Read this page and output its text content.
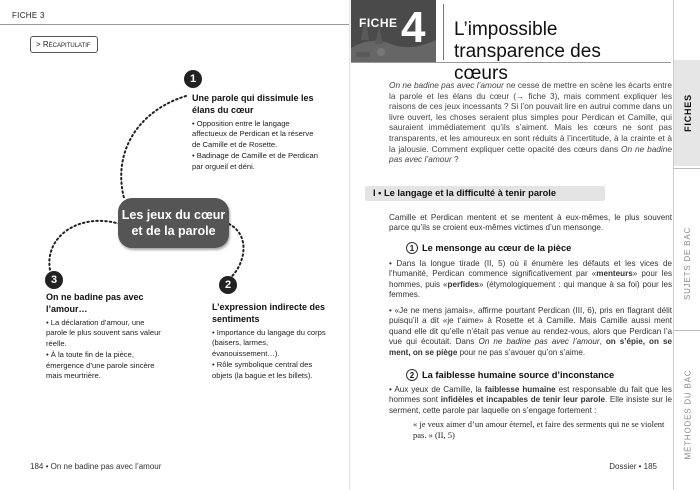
FICHE 3
> Récapitulatif
1
Une parole qui dissimule les élans du cœur

• Opposition entre le langage affectueux de Perdican et la réserve de Camille et de Rosette.

• Badinage de Camille et de Perdican par orgueil et déni.

Les jeux du cœur et de la parole
2
L’expression indirecte des sentiments

• Importance du langage du corps (baisers, larmes, évanouissement…).

• Rôle symbolique central des objets (la bague et les billets).

3
On ne badine pas avec l’amour…

• La déclaration d’amour, une parole le plus souvent sans valeur réelle.

• À la toute fin de la pièce, émergence d’une parole sincère mais meurtrière.

184 • On ne badine pas avec l’amour
FICHE 4 L’impossible transparence des cœurs
On ne badine pas avec l’amour ne cesse de mettre en scène les écarts entre la parole et les élans du cœur (→ fiche 3), mais comment expliquer les raisons de ces jeux incessants ? Si l’on pouvait lire en autrui comme dans un livre ouvert, les choses seraient plus simples pour Perdican et Camille, qui sauraient immédiatement qu’ils s’aiment. Mais les cœurs ne sont pas transparents, et les amoureux en sont réduits à l’incertitude, à la crainte et à la jalousie. Comment expliquer cette opacité des cœurs dans On ne badine pas avec l’amour ?
I • Le langage et la difficulté à tenir parole
Camille et Perdican mentent et se mentent à eux-mêmes, le plus souvent parce qu’ils se croient eux-mêmes victimes d’un mensonge.
1 Le mensonge au cœur de la pièce
• Dans la longue tirade (II, 5) où il énumère les défauts et les vices de l’humanité, Perdican commence significativement par «menteurs» pour les hommes, puis «perfides» (étymologiquement : qui manque à sa foi) pour les femmes.
• «Je ne mens jamais», affirme pourtant Perdican (III, 6), pris en flagrant délit puisqu’il a dit «je t’aime» à Rosette et à Camille. Mais Camille aussi ment quand elle dit qu’elle n’était pas venue au rendez-vous, alors que Perdican l’a vue qui écoutait. Dans On ne badine pas avec l’amour, on s’épie, on se ment, on se piège pour ne pas s’avouer qu’on s’aime.
2 La faiblesse humaine source d’inconstance
• Aux yeux de Camille, la faiblesse humaine est responsable du fait que les hommes sont infidèles et incapables de tenir leur parole. Elle insiste sur le serment, cette parole par laquelle on s’engage fortement :
« je veux aimer d’un amour éternel, et faire des serments qui ne se violent pas. » (II, 5)
Dossier • 185
FICHES
SUJETS DE BAC
MÉTHODES DU BAC
